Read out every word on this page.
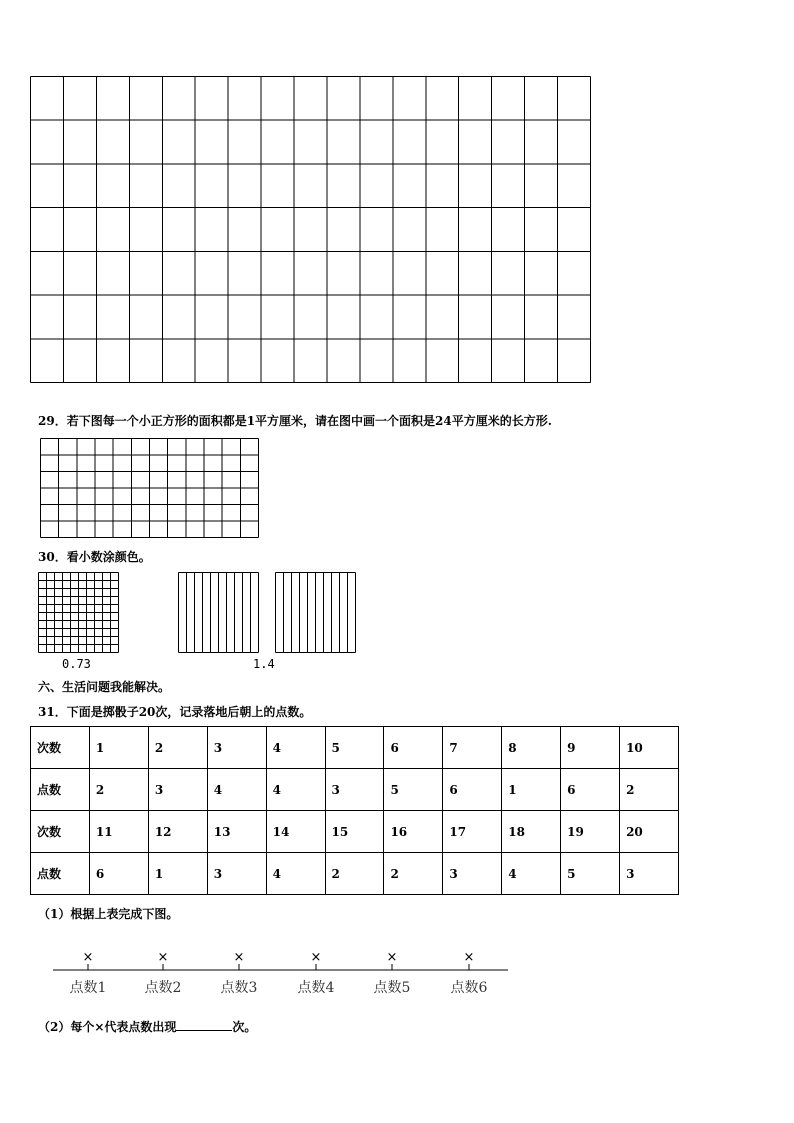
29．若下图每一个小正方形的面积都是1平方厘米，请在图中画一个面积是24平方厘米的长方形.
30．看小数涂颜色。
0.73	1.4
六、生活问题我能解决。
31．下面是掷骰子20次，记录落地后朝上的点数。
次数	1	2	3	4	5	6	7	8	9	10
点数	2	3	4	4	3	5	6	1	6	2
次数	11	12	13	14	15	16	17	18	19	20
点数	6	1	3	4	2	2	3	4	5	3
（1）根据上表完成下图。
×
点数1
×
点数2
×
点数3
×
点数4
×
点数5
×
点数6
（2）每个×代表点数出现	次。
